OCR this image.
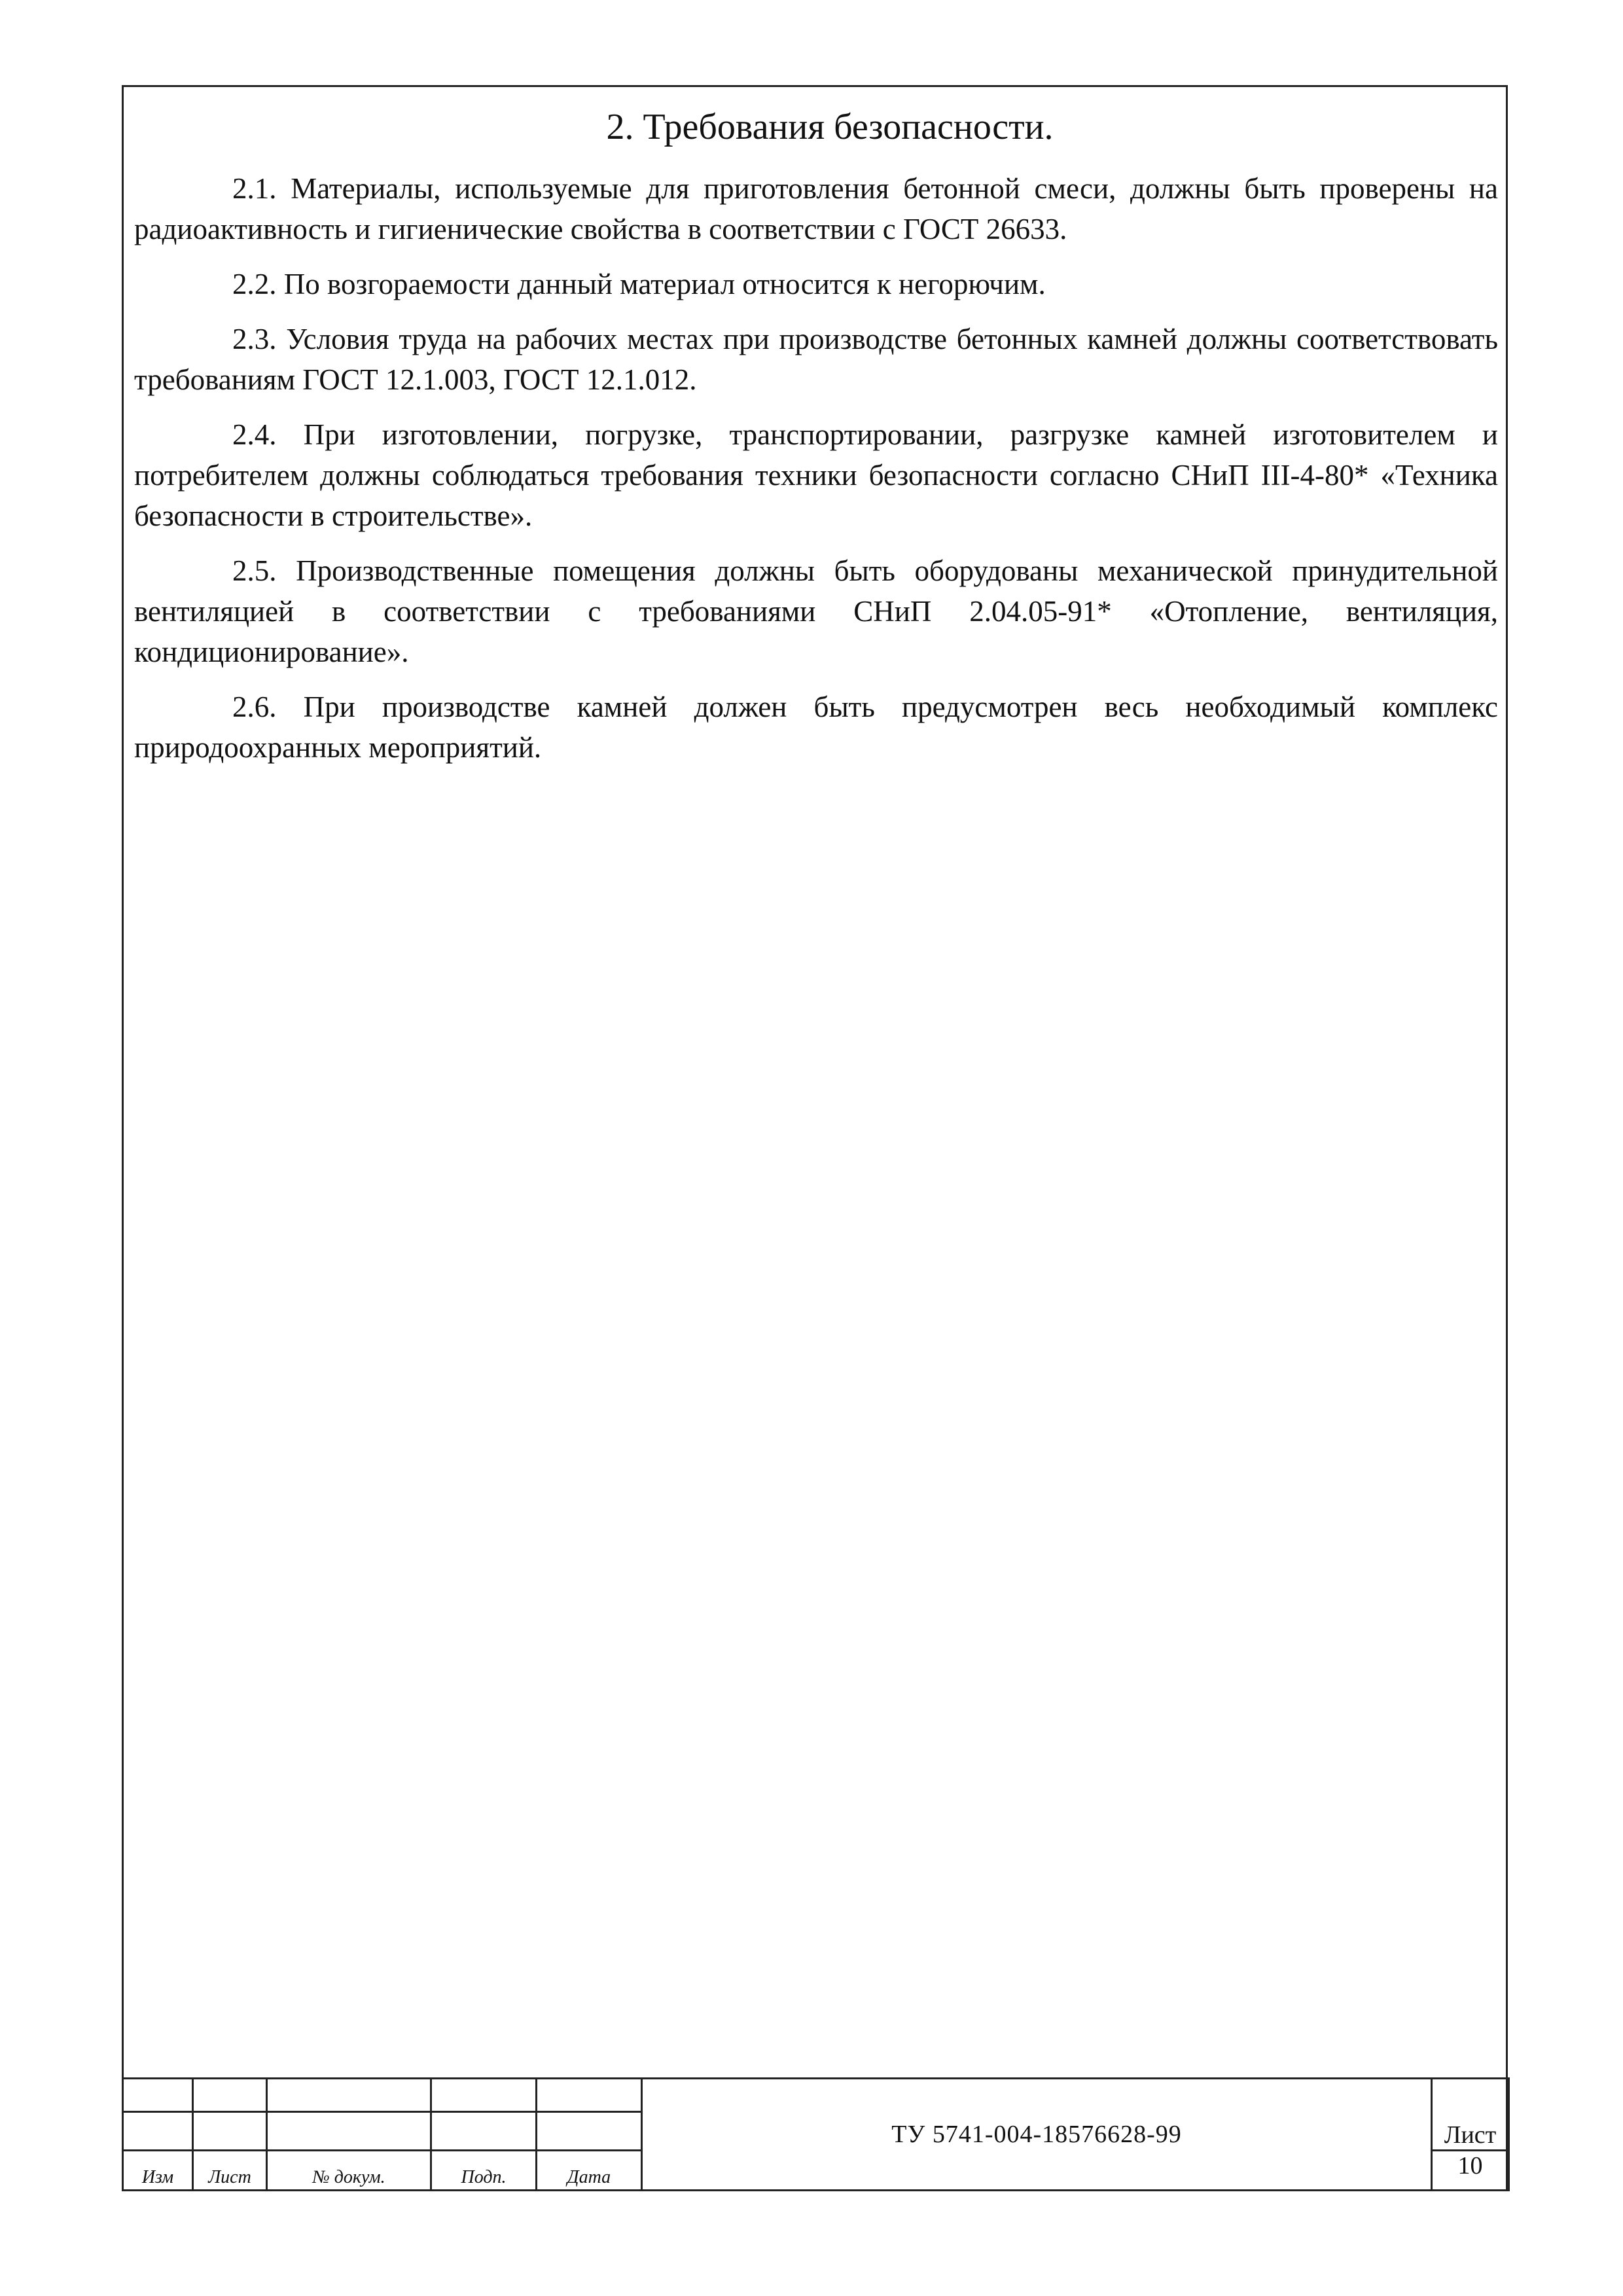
2. Требования безопасности.

2.1. Материалы, используемые для приготовления бетонной смеси, должны быть проверены на радиоактивность и гигиенические свойства в соответствии с ГОСТ 26633.

2.2. По возгораемости данный материал относится к негорючим.

2.3. Условия труда на рабочих местах при производстве бетонных камней должны соответствовать требованиям ГОСТ 12.1.003, ГОСТ 12.1.012.

2.4. При изготовлении, погрузке, транспортировании, разгрузке камней изготовителем и потребителем должны соблюдаться требования техники безопасности согласно СНиП III-4-80* «Техника безопасности в строительстве».

2.5. Производственные помещения должны быть оборудованы механической принудительной вентиляцией в соответствии с требованиями СНиП 2.04.05-91* «Отопление, вентиляция, кондиционирование».

2.6. При производстве камней должен быть предусмотрен весь необходимый комплекс природоохранных мероприятий.

					ТУ 5741-004-18576628-99	Лист

Изм	Лист	№ докум.	Подп.	Дата		10
